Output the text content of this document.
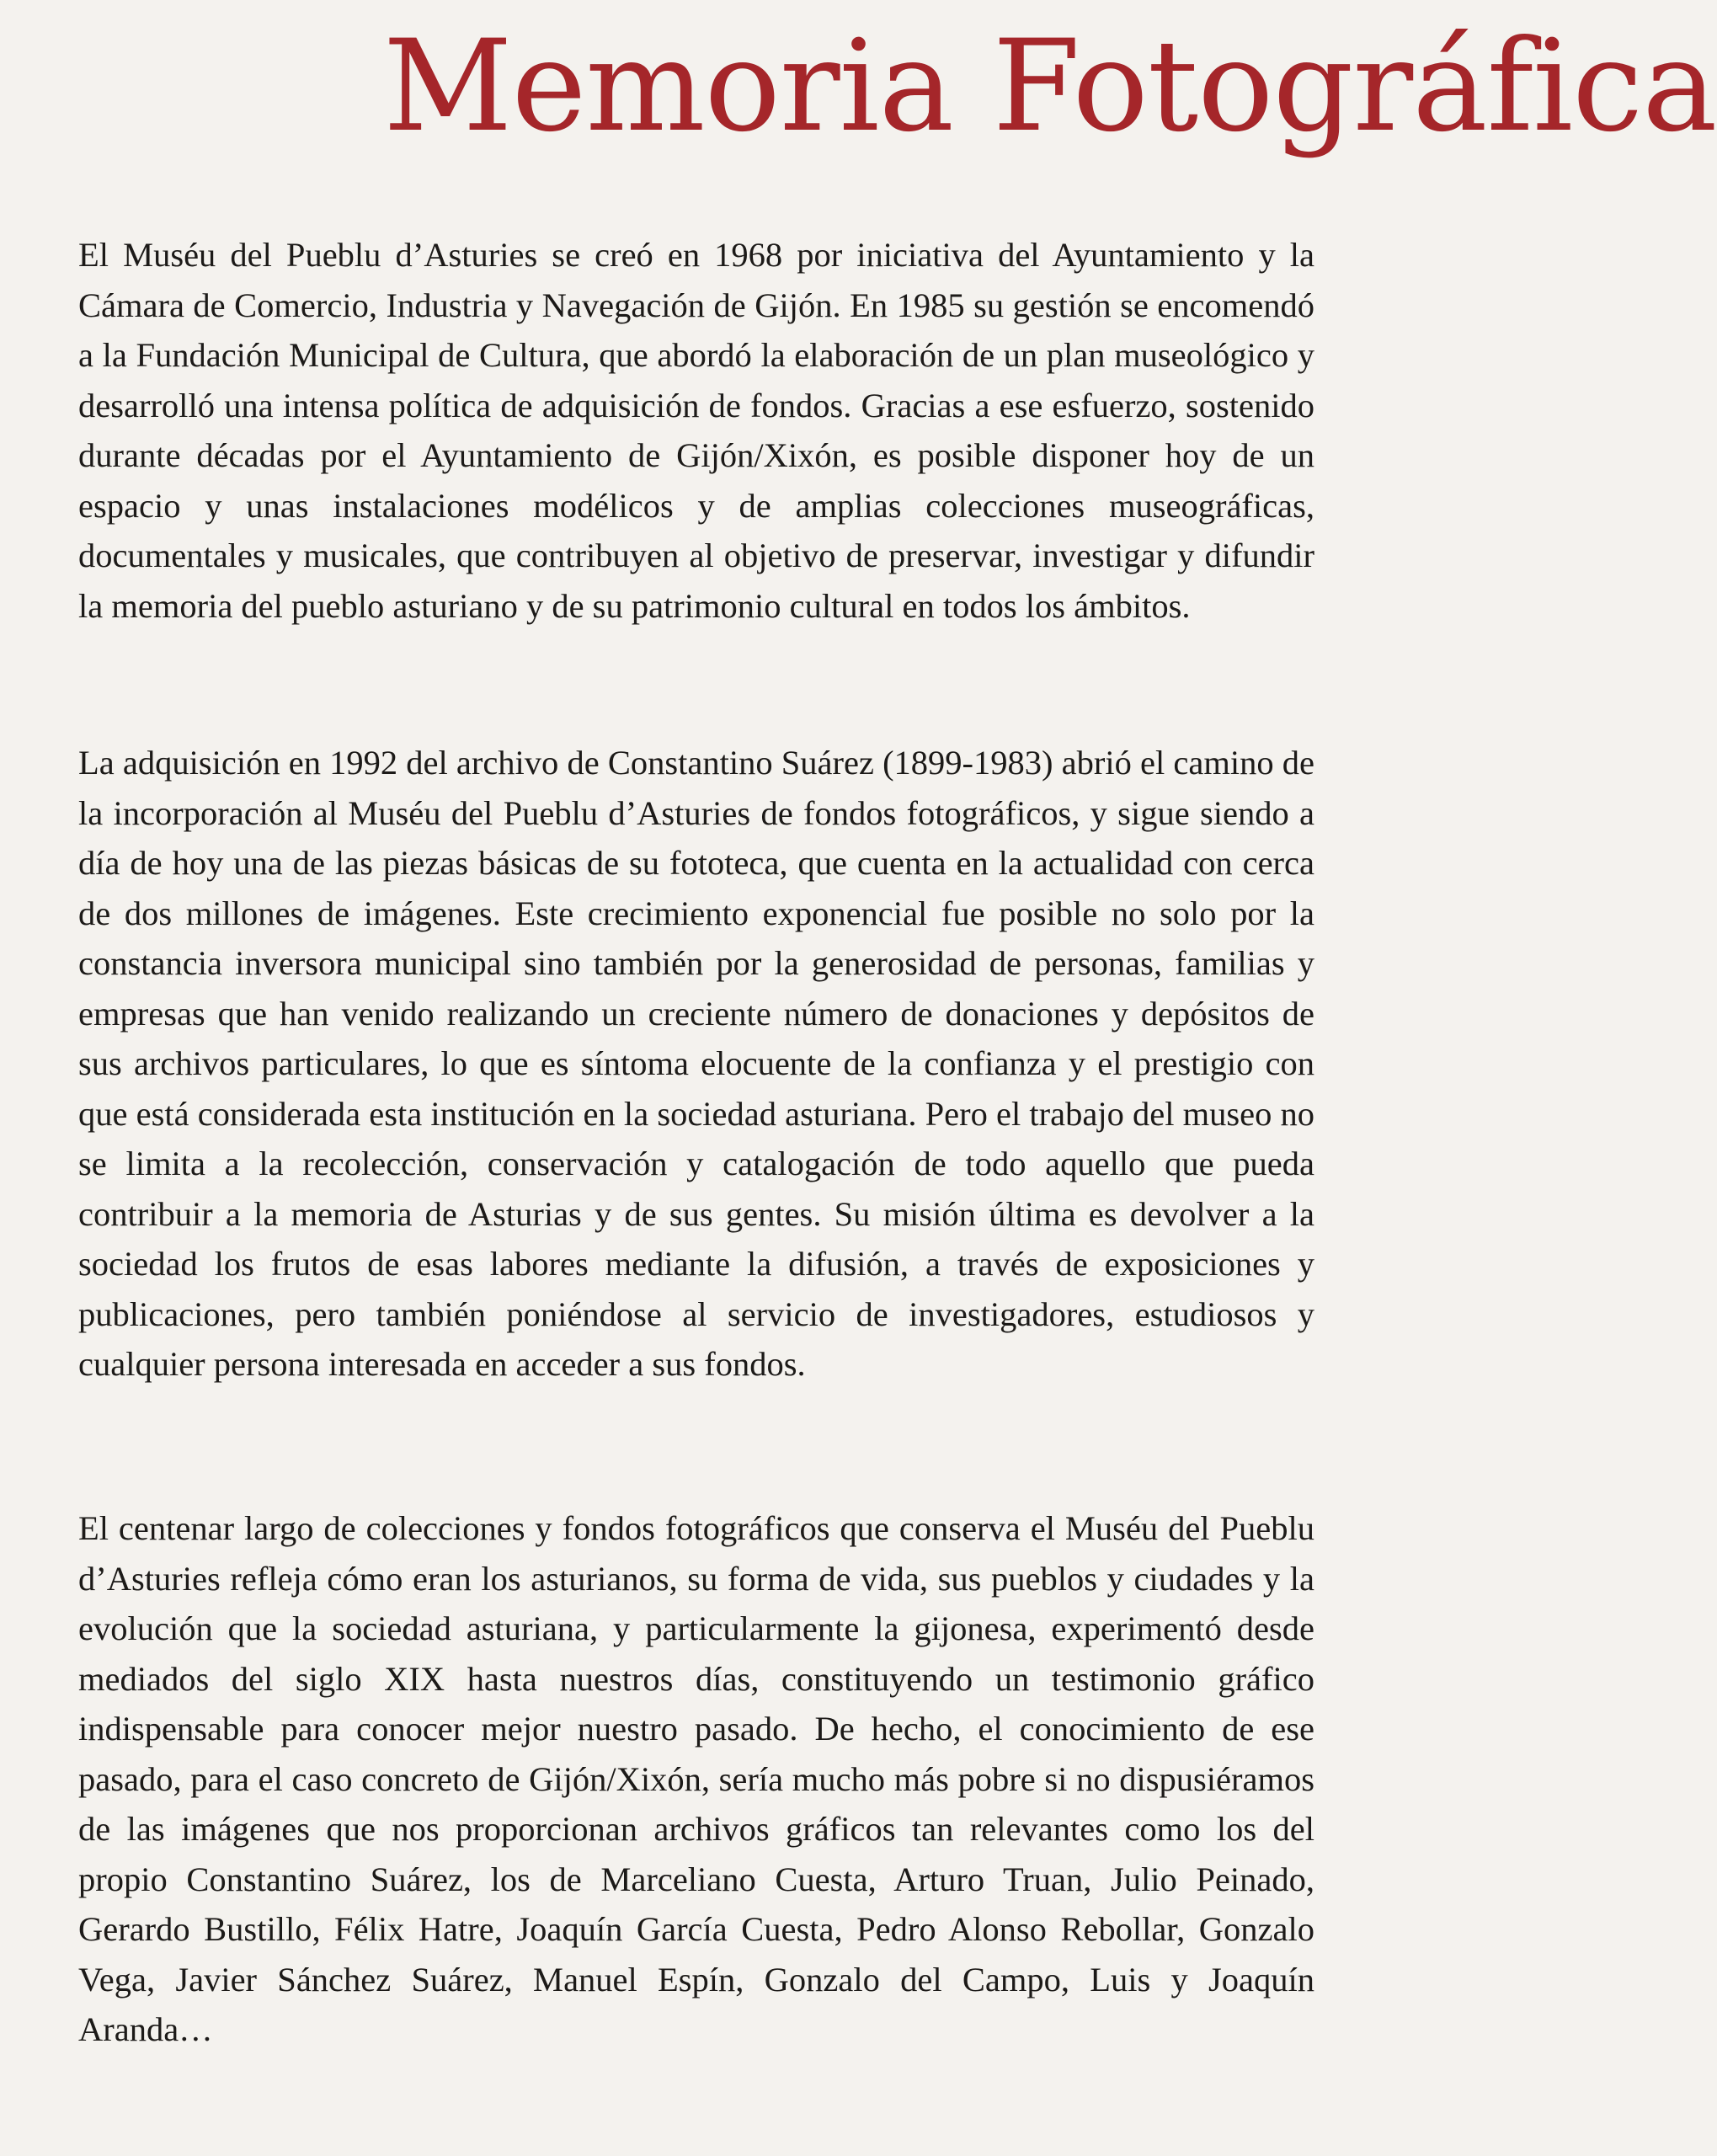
Memoria Fotográfica

El Muséu del Pueblu d’Asturies se creó en 1968 por iniciativa del Ayuntamiento y la Cámara de Comercio, Industria y Navegación de Gijón. En 1985 su gestión se encomendó a la Fundación Municipal de Cultura, que abordó la elaboración de un plan museológico y desarrolló una intensa política de adquisición de fondos. Gracias a ese esfuerzo, sostenido durante décadas por el Ayuntamiento de Gijón/Xixón, es posible disponer hoy de un espacio y unas instalaciones modélicos y de amplias colecciones museográficas, documentales y musicales, que contribuyen al objetivo de preservar, investigar y difundir la memoria del pueblo asturiano y de su patrimonio cultural en todos los ámbitos.

La adquisición en 1992 del archivo de Constantino Suárez (1899-1983) abrió el camino de la incorporación al Muséu del Pueblu d’Asturies de fondos fotográficos, y sigue siendo a día de hoy una de las piezas básicas de su fototeca, que cuenta en la actualidad con cerca de dos millones de imágenes. Este crecimiento exponencial fue posible no solo por la constancia inversora municipal sino también por la generosidad de personas, familias y empresas que han venido realizando un creciente número de donaciones y depósitos de sus archivos particulares, lo que es síntoma elocuente de la confianza y el prestigio con que está considerada esta institución en la sociedad asturiana. Pero el trabajo del museo no se limita a la recolección, conservación y catalogación de todo aquello que pueda contribuir a la memoria de Asturias y de sus gentes. Su misión última es devolver a la sociedad los frutos de esas labores mediante la difusión, a través de exposiciones y publicaciones, pero también poniéndose al servicio de investigadores, estudiosos y cualquier persona interesada en acceder a sus fondos.

El centenar largo de colecciones y fondos fotográficos que conserva el Muséu del Pueblu d’Asturies refleja cómo eran los asturianos, su forma de vida, sus pueblos y ciudades y la evolución que la sociedad asturiana, y particularmente la gijonesa, experimentó desde mediados del siglo XIX hasta nuestros días, constituyendo un testimonio gráfico indispensable para conocer mejor nuestro pasado. De hecho, el conocimiento de ese pasado, para el caso concreto de Gijón/Xixón, sería mucho más pobre si no dispusiéramos de las imágenes que nos proporcionan archivos gráficos tan relevantes como los del propio Constantino Suárez, los de Marceliano Cuesta, Arturo Truan, Julio Peinado, Gerardo Bustillo, Félix Hatre, Joaquín García Cuesta, Pedro Alonso Rebollar, Gonzalo Vega, Javier Sánchez Suárez, Manuel Espín, Gonzalo del Campo, Luis y Joaquín Aranda…
